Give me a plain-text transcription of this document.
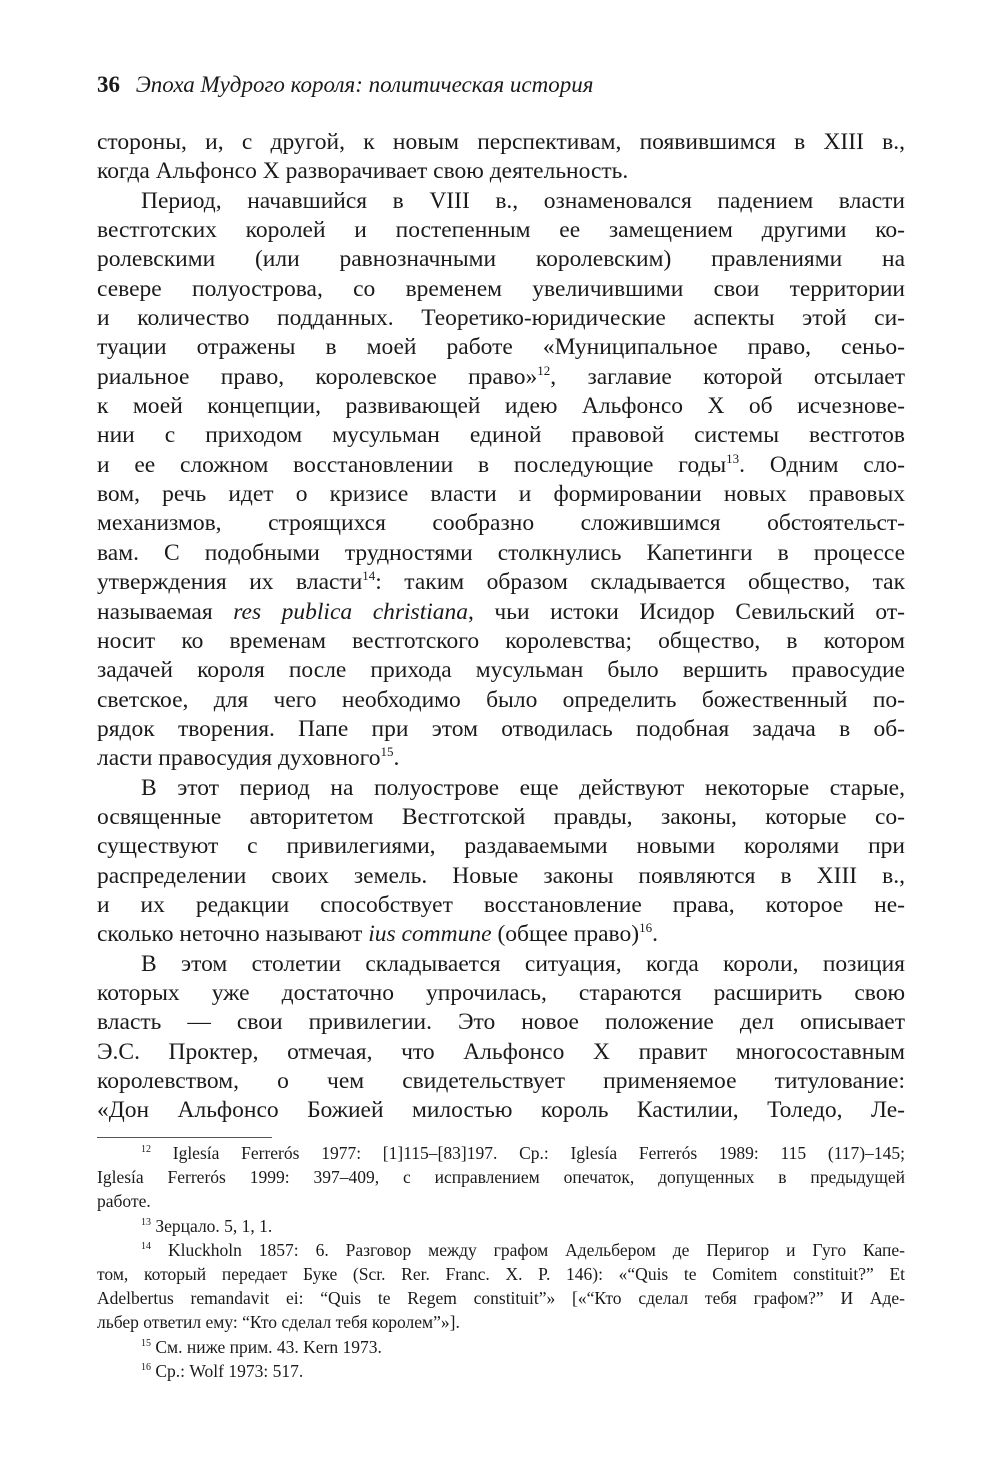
36 Эпоха Мудрого короля: политическая история
стороны, и, с другой, к новым перспективам, появившимся в XIII в.,
когда Альфонсо X разворачивает свою деятельность.
Период, начавшийся в VIII в., ознаменовался падением власти
вестготских королей и постепенным ее замещением другими ко-
ролевскими (или равнозначными королевским) правлениями на
севере полуострова, со временем увеличившими свои территории
и количество подданных. Теоретико-юридические аспекты этой си-
туации отражены в моей работе «Муниципальное право, сеньо-
риальное право, королевское право»$^{12}$, заглавие которой отсылает
к моей концепции, развивающей идею Альфонсо X об исчезнове-
нии с приходом мусульман единой правовой системы вестготов
и ее сложном восстановлении в последующие годы$^{13}$. Одним сло-
вом, речь идет о кризисе власти и формировании новых правовых
механизмов, строящихся сообразно сложившимся обстоятельст-
вам. С подобными трудностями столкнулись Капетинги в процессе
утверждения их власти$^{14}$: таким образом складывается общество, так
называемая res publica christiana, чьи истоки Исидор Севильский от-
носит ко временам вестготского королевства; общество, в котором
задачей короля после прихода мусульман было вершить правосудие
светское, для чего необходимо было определить божественный по-
рядок творения. Папе при этом отводилась подобная задача в об-
ласти правосудия духовного$^{15}$.
В этот период на полуострове еще действуют некоторые старые,
освященные авторитетом Вестготской правды, законы, которые со-
существуют с привилегиями, раздаваемыми новыми королями при
распределении своих земель. Новые законы появляются в XIII в.,
и их редакции способствует восстановление права, которое не-
сколько неточно называют ius commune (общее право)$^{16}$.
В этом столетии складывается ситуация, когда короли, позиция
которых уже достаточно упрочилась, стараются расширить свою
власть — свои привилегии. Это новое положение дел описывает
Э.С. Проктер, отмечая, что Альфонсо X правит многосоставным
королевством, о чем свидетельствует применяемое титулование:
«Дон Альфонсо Божией милостью король Кастилии, Толедо, Ле-
$^{12}$ Iglesía Ferrerós 1977: [1]115–[83]197. Ср.: Iglesía Ferrerós 1989: 115 (117)–145;
Iglesía Ferrerós 1999: 397–409, с исправлением опечаток, допущенных в предыдущей
работе.
$^{13}$ Зерцало. 5, 1, 1.
$^{14}$ Kluckholn 1857: 6. Разговор между графом Адельбером де Перигор и Гуго Капе-
том, который передает Буке (Scr. Rer. Franc. X. P. 146): «“Quis te Comitem constituit?” Et
Adelbertus remandavit ei: “Quis te Regem constituit”» [«“Кто сделал тебя графом?” И Аде-
льбер ответил ему: “Кто сделал тебя королем”»].
$^{15}$ См. ниже прим. 43. Kern 1973.
$^{16}$ Ср.: Wolf 1973: 517.
